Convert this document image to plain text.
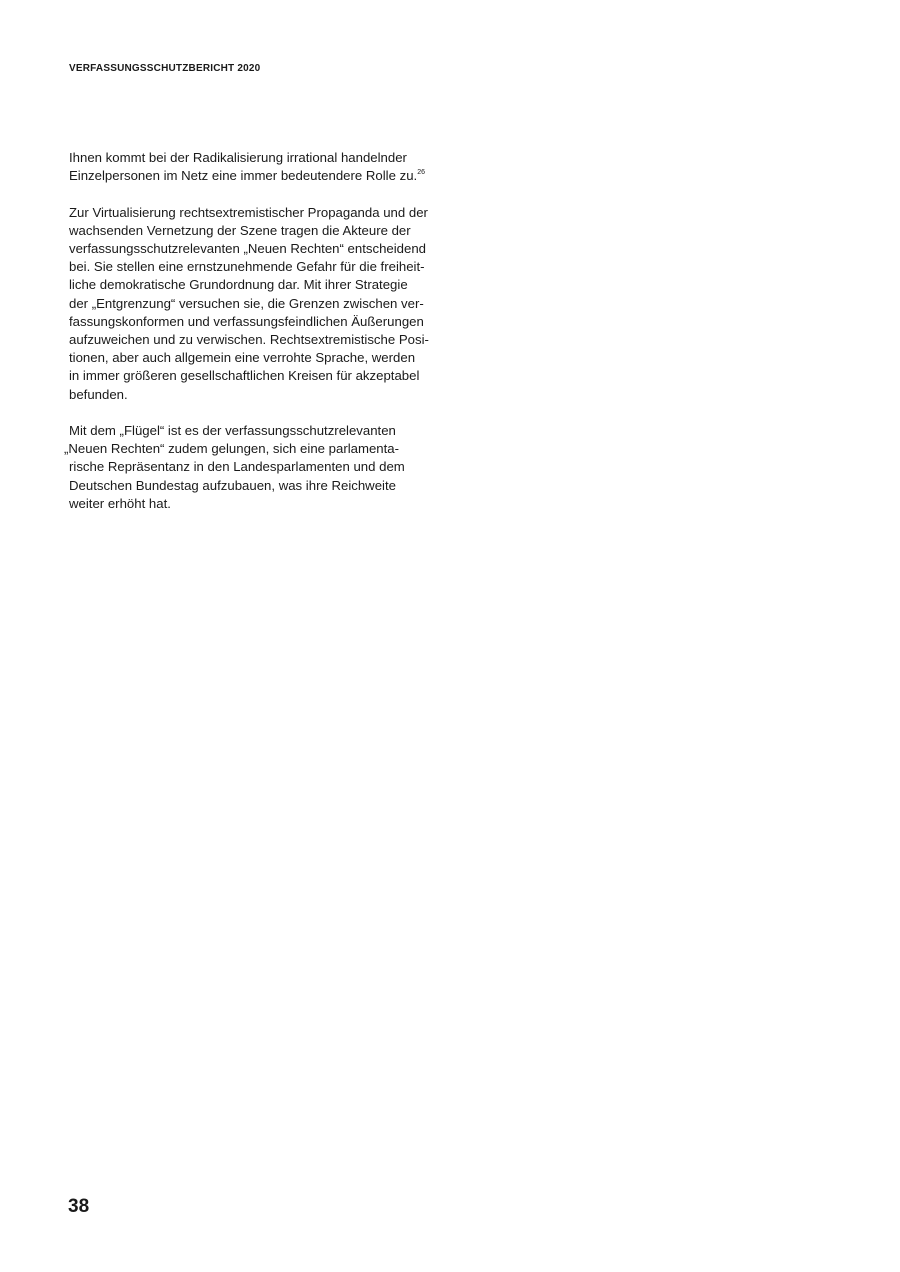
VERFASSUNGSSCHUTZBERICHT 2020

Ihnen kommt bei der Radikalisierung irrational handelnder
Einzelpersonen im Netz eine immer bedeutendere Rolle zu.$^{26}$

Zur Virtualisierung rechtsextremistischer Propaganda und der
wachsenden Vernetzung der Szene tragen die Akteure der
verfassungsschutzrelevanten „Neuen Rechten“ entscheidend
bei. Sie stellen eine ernstzunehmende Gefahr für die freiheit-
liche demokratische Grundordnung dar. Mit ihrer Strategie
der „Entgrenzung“ versuchen sie, die Grenzen zwischen ver-
fassungskonformen und verfassungsfeindlichen Äußerungen
aufzuweichen und zu verwischen. Rechtsextremistische Posi-
tionen, aber auch allgemein eine verrohte Sprache, werden
in immer größeren gesellschaftlichen Kreisen für akzeptabel
befunden.

Mit dem „Flügel“ ist es der verfassungsschutzrelevanten
„Neuen Rechten“ zudem gelungen, sich eine parlamenta-
rische Repräsentanz in den Landesparlamenten und dem
Deutschen Bundestag aufzubauen, was ihre Reichweite
weiter erhöht hat.

38
